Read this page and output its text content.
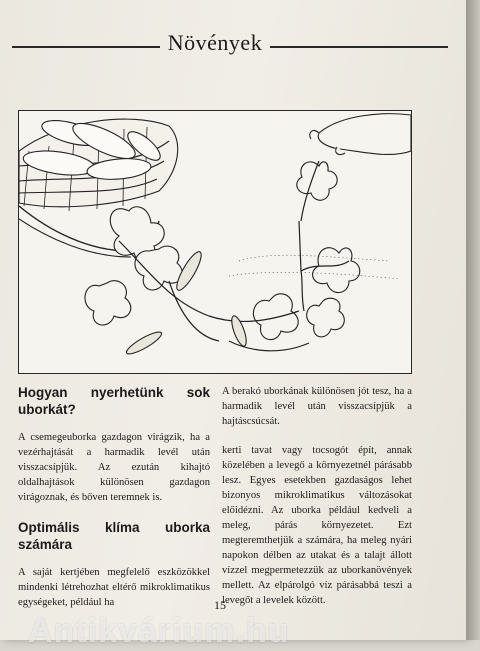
Növények
Hogyan nyerhetünk sok uborkát?

A csemegeuborka gazdagon virágzik, ha a vezérhajtását a harmadik levél után visszacsípjük. Az ezután kihajtó oldalhajtások különösen gazdagon virágoznak, és bőven teremnek is.

Optimális klíma uborka számára

A saját kertjében megfelelő eszközökkel mindenki létrehozhat eltérő mikroklimatikus egységeket, például ha

A berakó uborkának különösen jót tesz, ha a harmadik levél után visszacsípjük a hajtáscsúcsát.

kerti tavat vagy tocsogót épít, annak közelében a levegő a környezetnél párásabb lesz. Egyes esetekben gazdaságos lehet bizonyos mikroklimatikus változásokat előidézni. Az uborka például kedveli a meleg, párás környezetet. Ezt megteremthetjük a számára, ha meleg nyári napokon délben az utakat és a talajt állott vízzel megpermetezzük az uborkanövények mellett. Az elpárolgó víz párásabbá teszi a levegőt a levelek között.

15
Antikvárium.hu
